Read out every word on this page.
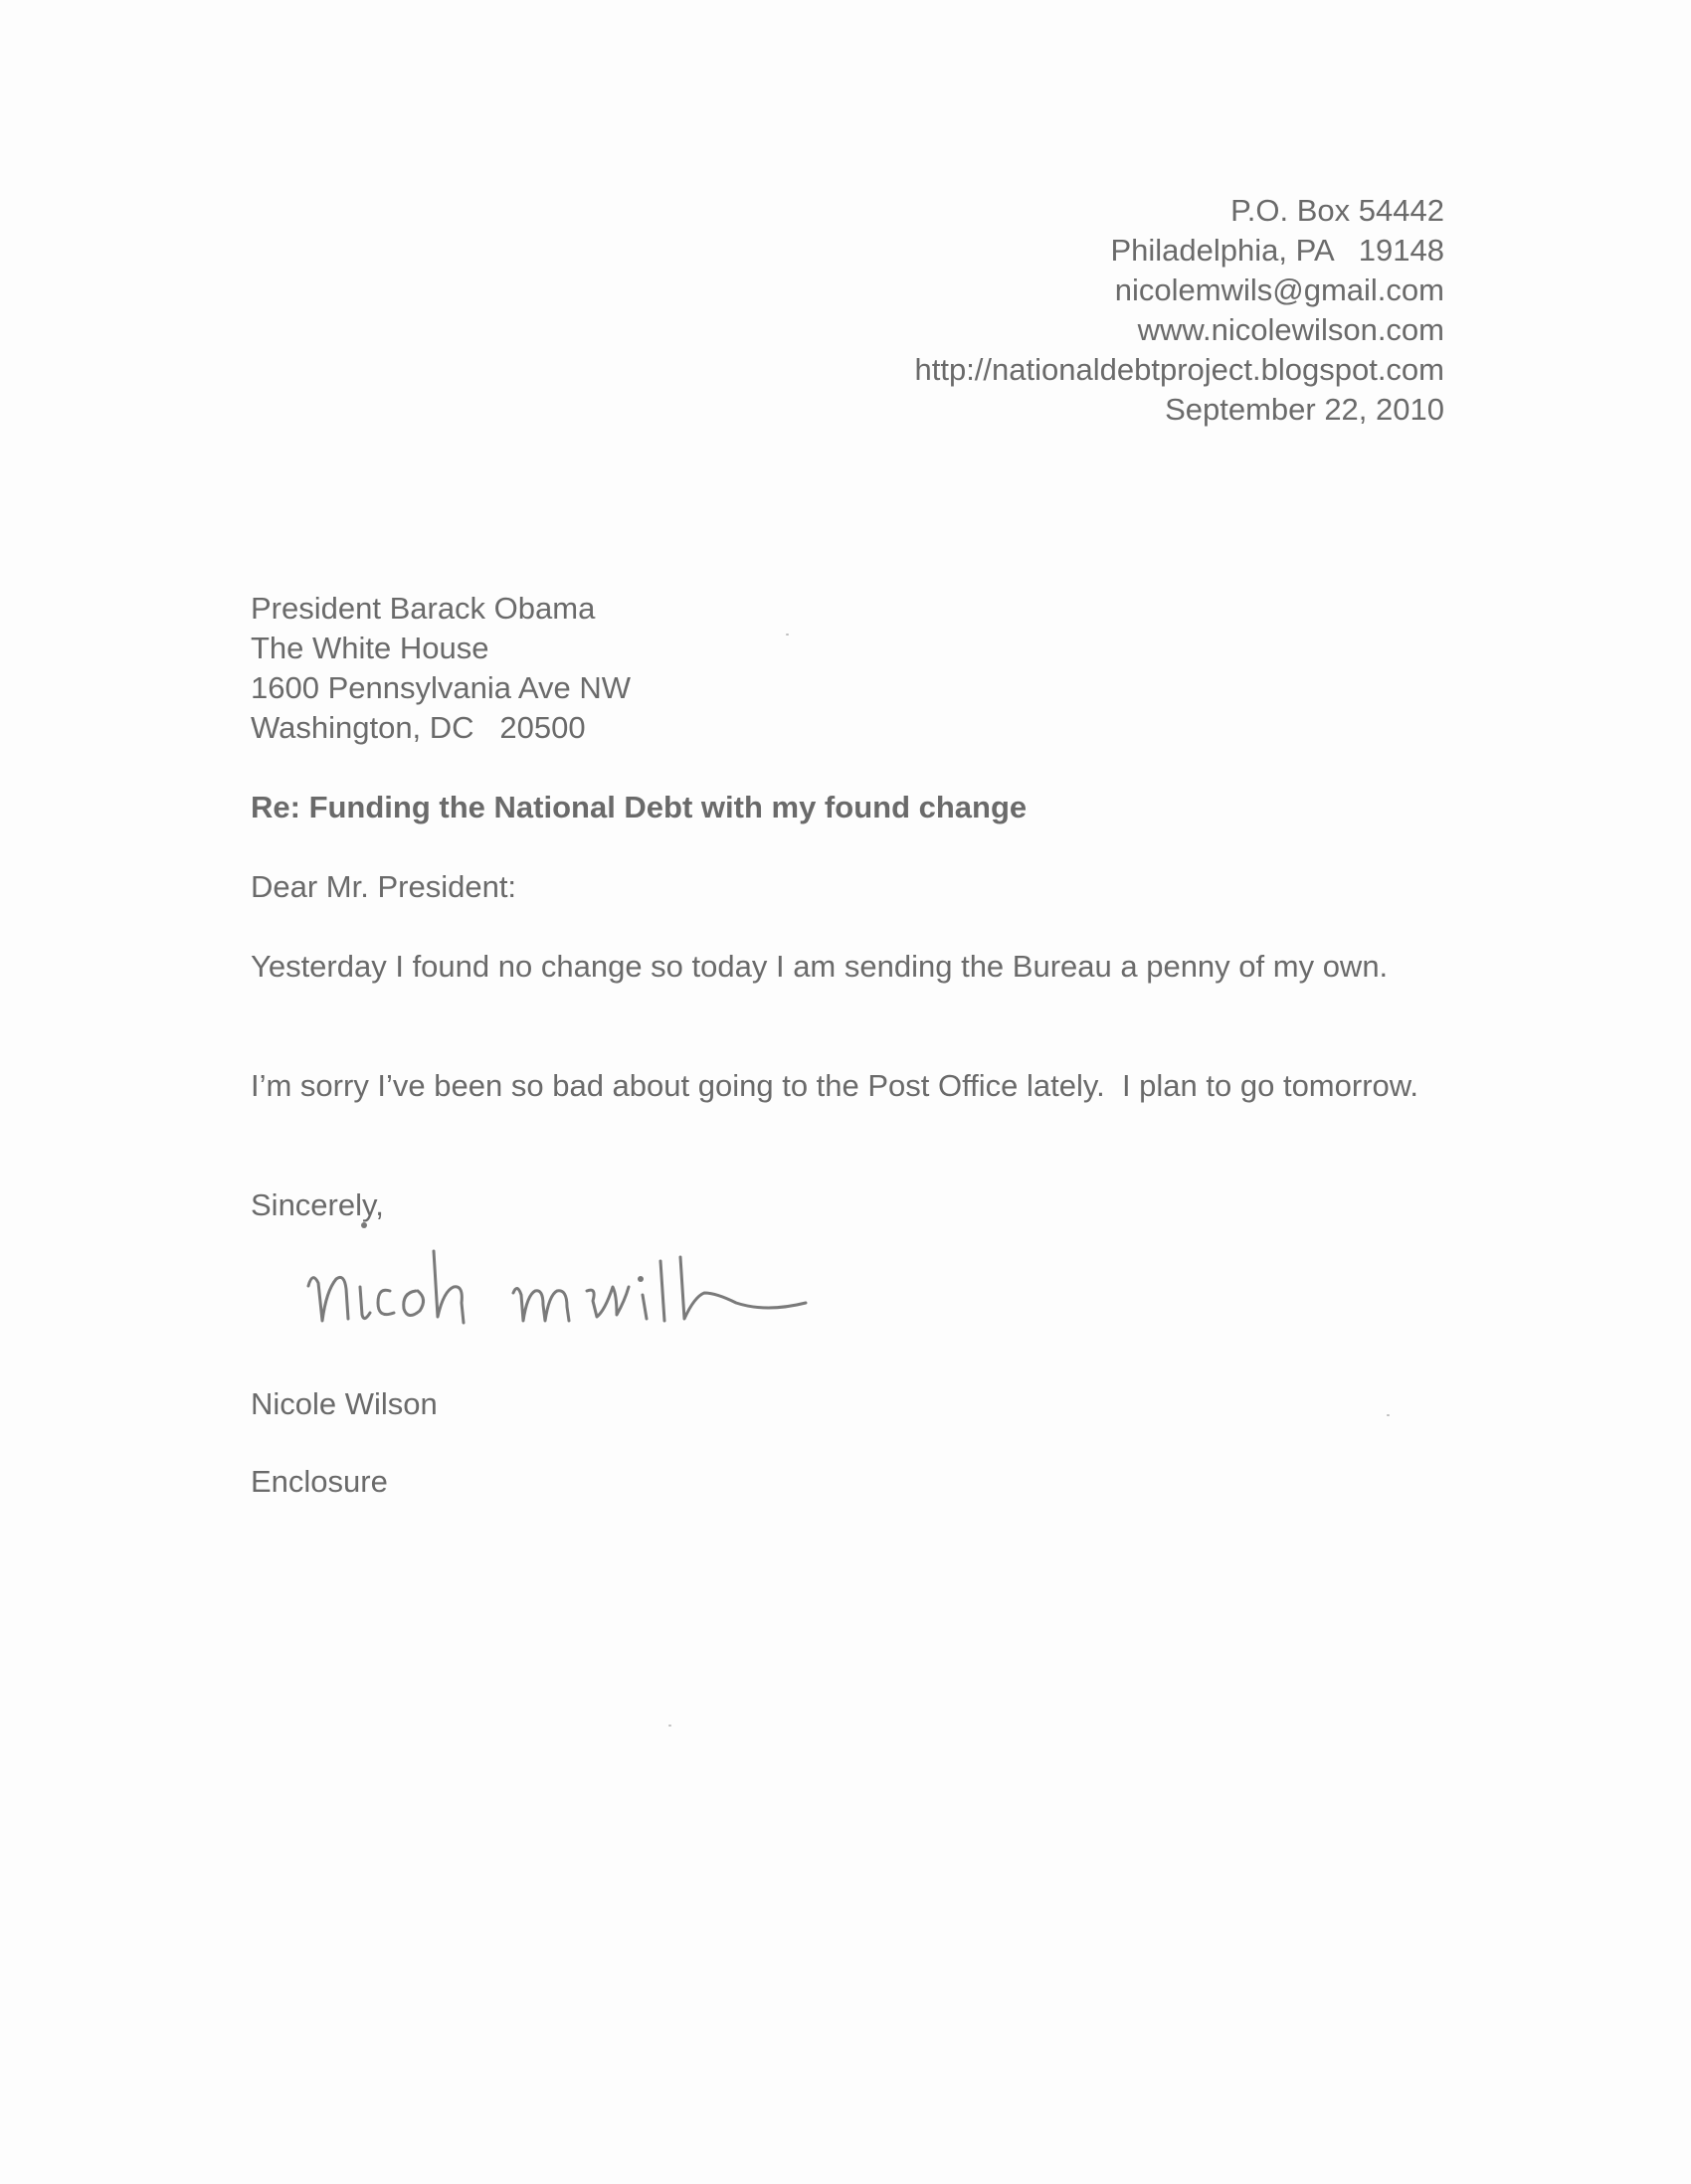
P.O. Box 54442
Philadelphia, PA   19148
nicolemwils@gmail.com
www.nicolewilson.com
http://nationaldebtproject.blogspot.com
September 22, 2010
President Barack Obama
The White House
1600 Pennsylvania Ave NW
Washington, DC   20500
Re: Funding the National Debt with my found change
Dear Mr. President:
Yesterday I found no change so today I am sending the Bureau a penny of my own.
I’m sorry I’ve been so bad about going to the Post Office lately.  I plan to go tomorrow.
Sincerely,
Nicole Wilson
Enclosure
